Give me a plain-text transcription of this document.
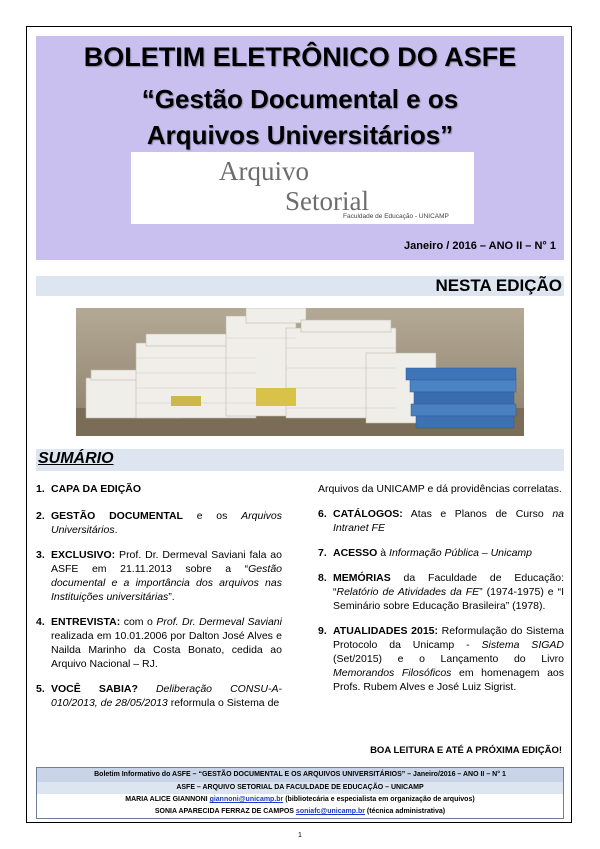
BOLETIM ELETRÔNICO DO ASFE
“Gestão Documental e os
Arquivos Universitários”
Arquivo
Setorial
Faculdade de Educação - UNICAMP
Janeiro / 2016 – ANO II – N° 1
NESTA EDIÇÃO
SUMÁRIO
1. CAPA DA EDIÇÃO
2. GESTÃO DOCUMENTAL e os Arquivos Universitários.
3. EXCLUSIVO: Prof. Dr. Dermeval Saviani fala ao ASFE em 21.11.2013 sobre a “Gestão documental e a importância dos arquivos nas Instituições universitárias”.
4. ENTREVISTA: com o Prof. Dr. Dermeval Saviani realizada em 10.01.2006 por Dalton José Alves e Nailda Marinho da Costa Bonato, cedida ao Arquivo Nacional – RJ.
5. VOCÊ SABIA? Deliberação CONSU-A-010/2013, de 28/05/2013 reformula o Sistema de
Arquivos da UNICAMP e dá providências correlatas.
6. CATÁLOGOS: Atas e Planos de Curso na Intranet FE
7. ACESSO à Informação Pública – Unicamp
8. MEMÓRIAS da Faculdade de Educação: “Relatório de Atividades da FE” (1974-1975) e “I Seminário sobre Educação Brasileira” (1978).
9. ATUALIDADES 2015: Reformulação do Sistema Protocolo da Unicamp - Sistema SIGAD (Set/2015) e o Lançamento do Livro Memorandos Filosóficos em homenagem aos Profs. Rubem Alves e José Luiz Sigrist.
BOA LEITURA E ATÉ A PRÓXIMA EDIÇÃO!
Boletim Informativo do ASFE – “GESTÃO DOCUMENTAL E OS ARQUIVOS UNIVERSITÁRIOS” – Janeiro/2016 – ANO II – N° 1
ASFE – ARQUIVO SETORIAL DA FACULDADE DE EDUCAÇÃO – UNICAMP
MARIA ALICE GIANNONI giannoni@unicamp.br (bibliotecária e especialista em organização de arquivos)
SONIA APARECIDA FERRAZ DE CAMPOS soniafc@unicamp.br (técnica administrativa)
1
